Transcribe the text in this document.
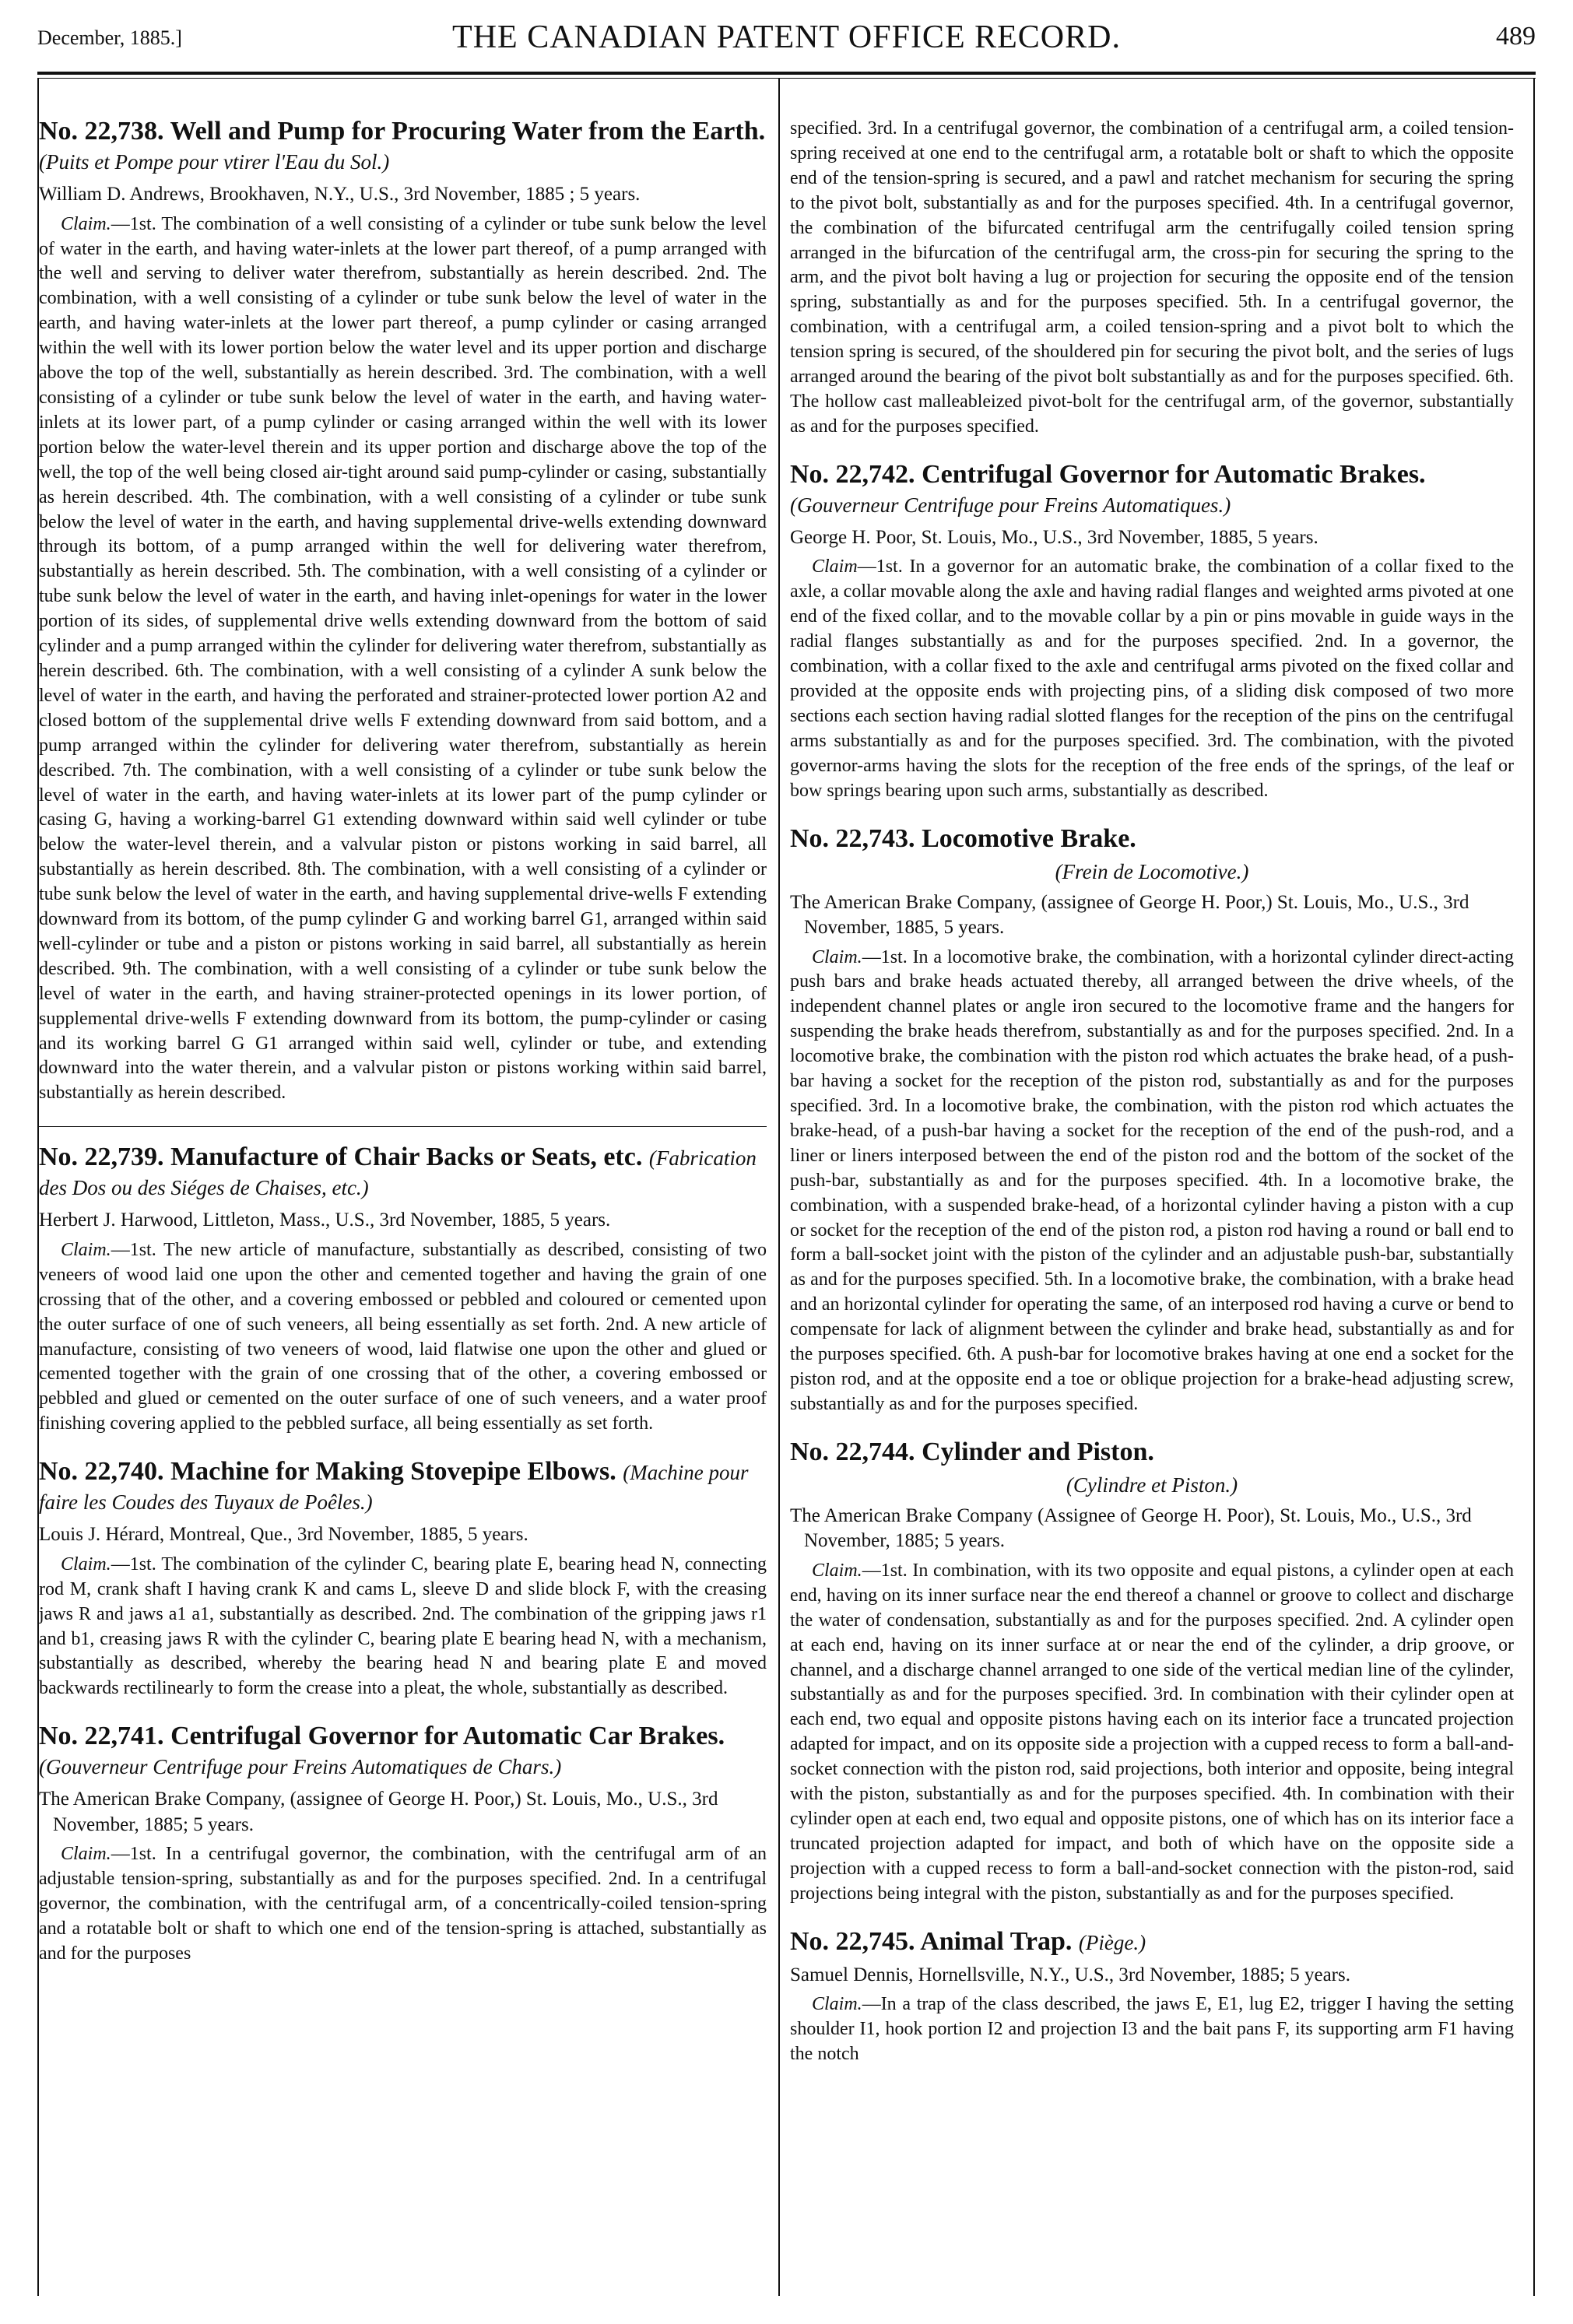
December, 1885.]	THE CANADIAN PATENT OFFICE RECORD.	489
No. 22,738. Well and Pump for Procuring Water from the Earth. (Puits et Pompe pour vtirer l'Eau du Sol.)
William D. Andrews, Brookhaven, N.Y., U.S., 3rd November, 1885 ; 5 years.

Claim.—1st. The combination of a well consisting of a cylinder or tube sunk below the level of water in the earth, and having water-inlets at the lower part thereof, of a pump arranged with the well and serving to deliver water therefrom, substantially as herein described. 2nd. The combination, with a well consisting of a cylinder or tube sunk below the level of water in the earth, and having water-inlets at the lower part thereof, a pump cylinder or casing arranged within the well with its lower portion below the water level and its upper portion and discharge above the top of the well, substantially as herein described. 3rd. The combination, with a well consisting of a cylinder or tube sunk below the level of water in the earth, and having water-inlets at its lower part, of a pump cylinder or casing arranged within the well with its lower portion below the water-level therein and its upper portion and discharge above the top of the well, the top of the well being closed air-tight around said pump-cylinder or casing, substantially as herein described. 4th. The combination, with a well consisting of a cylinder or tube sunk below the level of water in the earth, and having supplemental drive-wells extending downward through its bottom, of a pump arranged within the well for delivering water therefrom, substantially as herein described. 5th. The combination, with a well consisting of a cylinder or tube sunk below the level of water in the earth, and having inlet-openings for water in the lower portion of its sides, of supplemental drive wells extending downward from the bottom of said cylinder and a pump arranged within the cylinder for delivering water therefrom, substantially as herein described. 6th. The combination, with a well consisting of a cylinder A sunk below the level of water in the earth, and having the perforated and strainer-protected lower portion A2 and closed bottom of the supplemental drive wells F extending downward from said bottom, and a pump arranged within the cylinder for delivering water therefrom, substantially as herein described. 7th. The combination, with a well consisting of a cylinder or tube sunk below the level of water in the earth, and having water-inlets at its lower part of the pump cylinder or casing G, having a working-barrel G1 extending downward within said well cylinder or tube below the water-level therein, and a valvular piston or pistons working in said barrel, all substantially as herein described. 8th. The combination, with a well consisting of a cylinder or tube sunk below the level of water in the earth, and having supplemental drive-wells F extending downward from its bottom, of the pump cylinder G and working barrel G1, arranged within said well-cylinder or tube and a piston or pistons working in said barrel, all substantially as herein described. 9th. The combination, with a well consisting of a cylinder or tube sunk below the level of water in the earth, and having strainer-protected openings in its lower portion, of supplemental drive-wells F extending downward from its bottom, the pump-cylinder or casing and its working barrel G G1 arranged within said well, cylinder or tube, and extending downward into the water therein, and a valvular piston or pistons working within said barrel, substantially as herein described.

No. 22,739. Manufacture of Chair Backs or Seats, etc. (Fabrication des Dos ou des Siéges de Chaises, etc.)
Herbert J. Harwood, Littleton, Mass., U.S., 3rd November, 1885, 5 years.

Claim.—1st. The new article of manufacture, substantially as described, consisting of two veneers of wood laid one upon the other and cemented together and having the grain of one crossing that of the other, and a covering embossed or pebbled and coloured or cemented upon the outer surface of one of such veneers, all being essentially as set forth. 2nd. A new article of manufacture, consisting of two veneers of wood, laid flatwise one upon the other and glued or cemented together with the grain of one crossing that of the other, a covering embossed or pebbled and glued or cemented on the outer surface of one of such veneers, and a water proof finishing covering applied to the pebbled surface, all being essentially as set forth.

No. 22,740. Machine for Making Stovepipe Elbows. (Machine pour faire les Coudes des Tuyaux de Poêles.)
Louis J. Hérard, Montreal, Que., 3rd November, 1885, 5 years.

Claim.—1st. The combination of the cylinder C, bearing plate E, bearing head N, connecting rod M, crank shaft I having crank K and cams L, sleeve D and slide block F, with the creasing jaws R and jaws a1 a1, substantially as described. 2nd. The combination of the gripping jaws r1 and b1, creasing jaws R with the cylinder C, bearing plate E bearing head N, with a mechanism, substantially as described, whereby the bearing head N and bearing plate E and moved backwards rectilinearly to form the crease into a pleat, the whole, substantially as described.

No. 22,741. Centrifugal Governor for Automatic Car Brakes. (Gouverneur Centrifuge pour Freins Automatiques de Chars.)
The American Brake Company, (assignee of George H. Poor,) St. Louis, Mo., U.S., 3rd November, 1885; 5 years.

Claim.—1st. In a centrifugal governor, the combination, with the centrifugal arm of an adjustable tension-spring, substantially as and for the purposes specified. 2nd. In a centrifugal governor, the combination, with the centrifugal arm, of a concentrically-coiled tension-spring and a rotatable bolt or shaft to which one end of the tension-spring is attached, substantially as and for the purposes

specified. 3rd. In a centrifugal governor, the combination of a centrifugal arm, a coiled tension-spring received at one end to the centrifugal arm, a rotatable bolt or shaft to which the opposite end of the tension-spring is secured, and a pawl and ratchet mechanism for securing the spring to the pivot bolt, substantially as and for the purposes specified. 4th. In a centrifugal governor, the combination of the bifurcated centrifugal arm the centrifugally coiled tension spring arranged in the bifurcation of the centrifugal arm, the cross-pin for securing the spring to the arm, and the pivot bolt having a lug or projection for securing the opposite end of the tension spring, substantially as and for the purposes specified. 5th. In a centrifugal governor, the combination, with a centrifugal arm, a coiled tension-spring and a pivot bolt to which the tension spring is secured, of the shouldered pin for securing the pivot bolt, and the series of lugs arranged around the bearing of the pivot bolt substantially as and for the purposes specified. 6th. The hollow cast malleableized pivot-bolt for the centrifugal arm, of the governor, substantially as and for the purposes specified.

No. 22,742. Centrifugal Governor for Automatic Brakes. (Gouverneur Centrifuge pour Freins Automatiques.)
George H. Poor, St. Louis, Mo., U.S., 3rd November, 1885, 5 years.

Claim—1st. In a governor for an automatic brake, the combination of a collar fixed to the axle, a collar movable along the axle and having radial flanges and weighted arms pivoted at one end of the fixed collar, and to the movable collar by a pin or pins movable in guide ways in the radial flanges substantially as and for the purposes specified. 2nd. In a governor, the combination, with a collar fixed to the axle and centrifugal arms pivoted on the fixed collar and provided at the opposite ends with projecting pins, of a sliding disk composed of two more sections each section having radial slotted flanges for the reception of the pins on the centrifugal arms substantially as and for the purposes specified. 3rd. The combination, with the pivoted governor-arms having the slots for the reception of the free ends of the springs, of the leaf or bow springs bearing upon such arms, substantially as described.

No. 22,743. Locomotive Brake.
(Frein de Locomotive.)
The American Brake Company, (assignee of George H. Poor,) St. Louis, Mo., U.S., 3rd November, 1885, 5 years.

Claim.—1st. In a locomotive brake, the combination, with a horizontal cylinder direct-acting push bars and brake heads actuated thereby, all arranged between the drive wheels, of the independent channel plates or angle iron secured to the locomotive frame and the hangers for suspending the brake heads therefrom, substantially as and for the purposes specified. 2nd. In a locomotive brake, the combination with the piston rod which actuates the brake head, of a push-bar having a socket for the reception of the piston rod, substantially as and for the purposes specified. 3rd. In a locomotive brake, the combination, with the piston rod which actuates the brake-head, of a push-bar having a socket for the reception of the end of the push-rod, and a liner or liners interposed between the end of the piston rod and the bottom of the socket of the push-bar, substantially as and for the purposes specified. 4th. In a locomotive brake, the combination, with a suspended brake-head, of a horizontal cylinder having a piston with a cup or socket for the reception of the end of the piston rod, a piston rod having a round or ball end to form a ball-socket joint with the piston of the cylinder and an adjustable push-bar, substantially as and for the purposes specified. 5th. In a locomotive brake, the combination, with a brake head and an horizontal cylinder for operating the same, of an interposed rod having a curve or bend to compensate for lack of alignment between the cylinder and brake head, substantially as and for the purposes specified. 6th. A push-bar for locomotive brakes having at one end a socket for the piston rod, and at the opposite end a toe or oblique projection for a brake-head adjusting screw, substantially as and for the purposes specified.

No. 22,744. Cylinder and Piston.
(Cylindre et Piston.)
The American Brake Company (Assignee of George H. Poor), St. Louis, Mo., U.S., 3rd November, 1885; 5 years.

Claim.—1st. In combination, with its two opposite and equal pistons, a cylinder open at each end, having on its inner surface near the end thereof a channel or groove to collect and discharge the water of condensation, substantially as and for the purposes specified. 2nd. A cylinder open at each end, having on its inner surface at or near the end of the cylinder, a drip groove, or channel, and a discharge channel arranged to one side of the vertical median line of the cylinder, substantially as and for the purposes specified. 3rd. In combination with their cylinder open at each end, two equal and opposite pistons having each on its interior face a truncated projection adapted for impact, and on its opposite side a projection with a cupped recess to form a ball-and-socket connection with the piston rod, said projections, both interior and opposite, being integral with the piston, substantially as and for the purposes specified. 4th. In combination with their cylinder open at each end, two equal and opposite pistons, one of which has on its interior face a truncated projection adapted for impact, and both of which have on the opposite side a projection with a cupped recess to form a ball-and-socket connection with the piston-rod, said projections being integral with the piston, substantially as and for the purposes specified.

No. 22,745. Animal Trap. (Piège.)
Samuel Dennis, Hornellsville, N.Y., U.S., 3rd November, 1885; 5 years.

Claim.—In a trap of the class described, the jaws E, E1, lug E2, trigger I having the setting shoulder I1, hook portion I2 and projection I3 and the bait pans F, its supporting arm F1 having the notch
